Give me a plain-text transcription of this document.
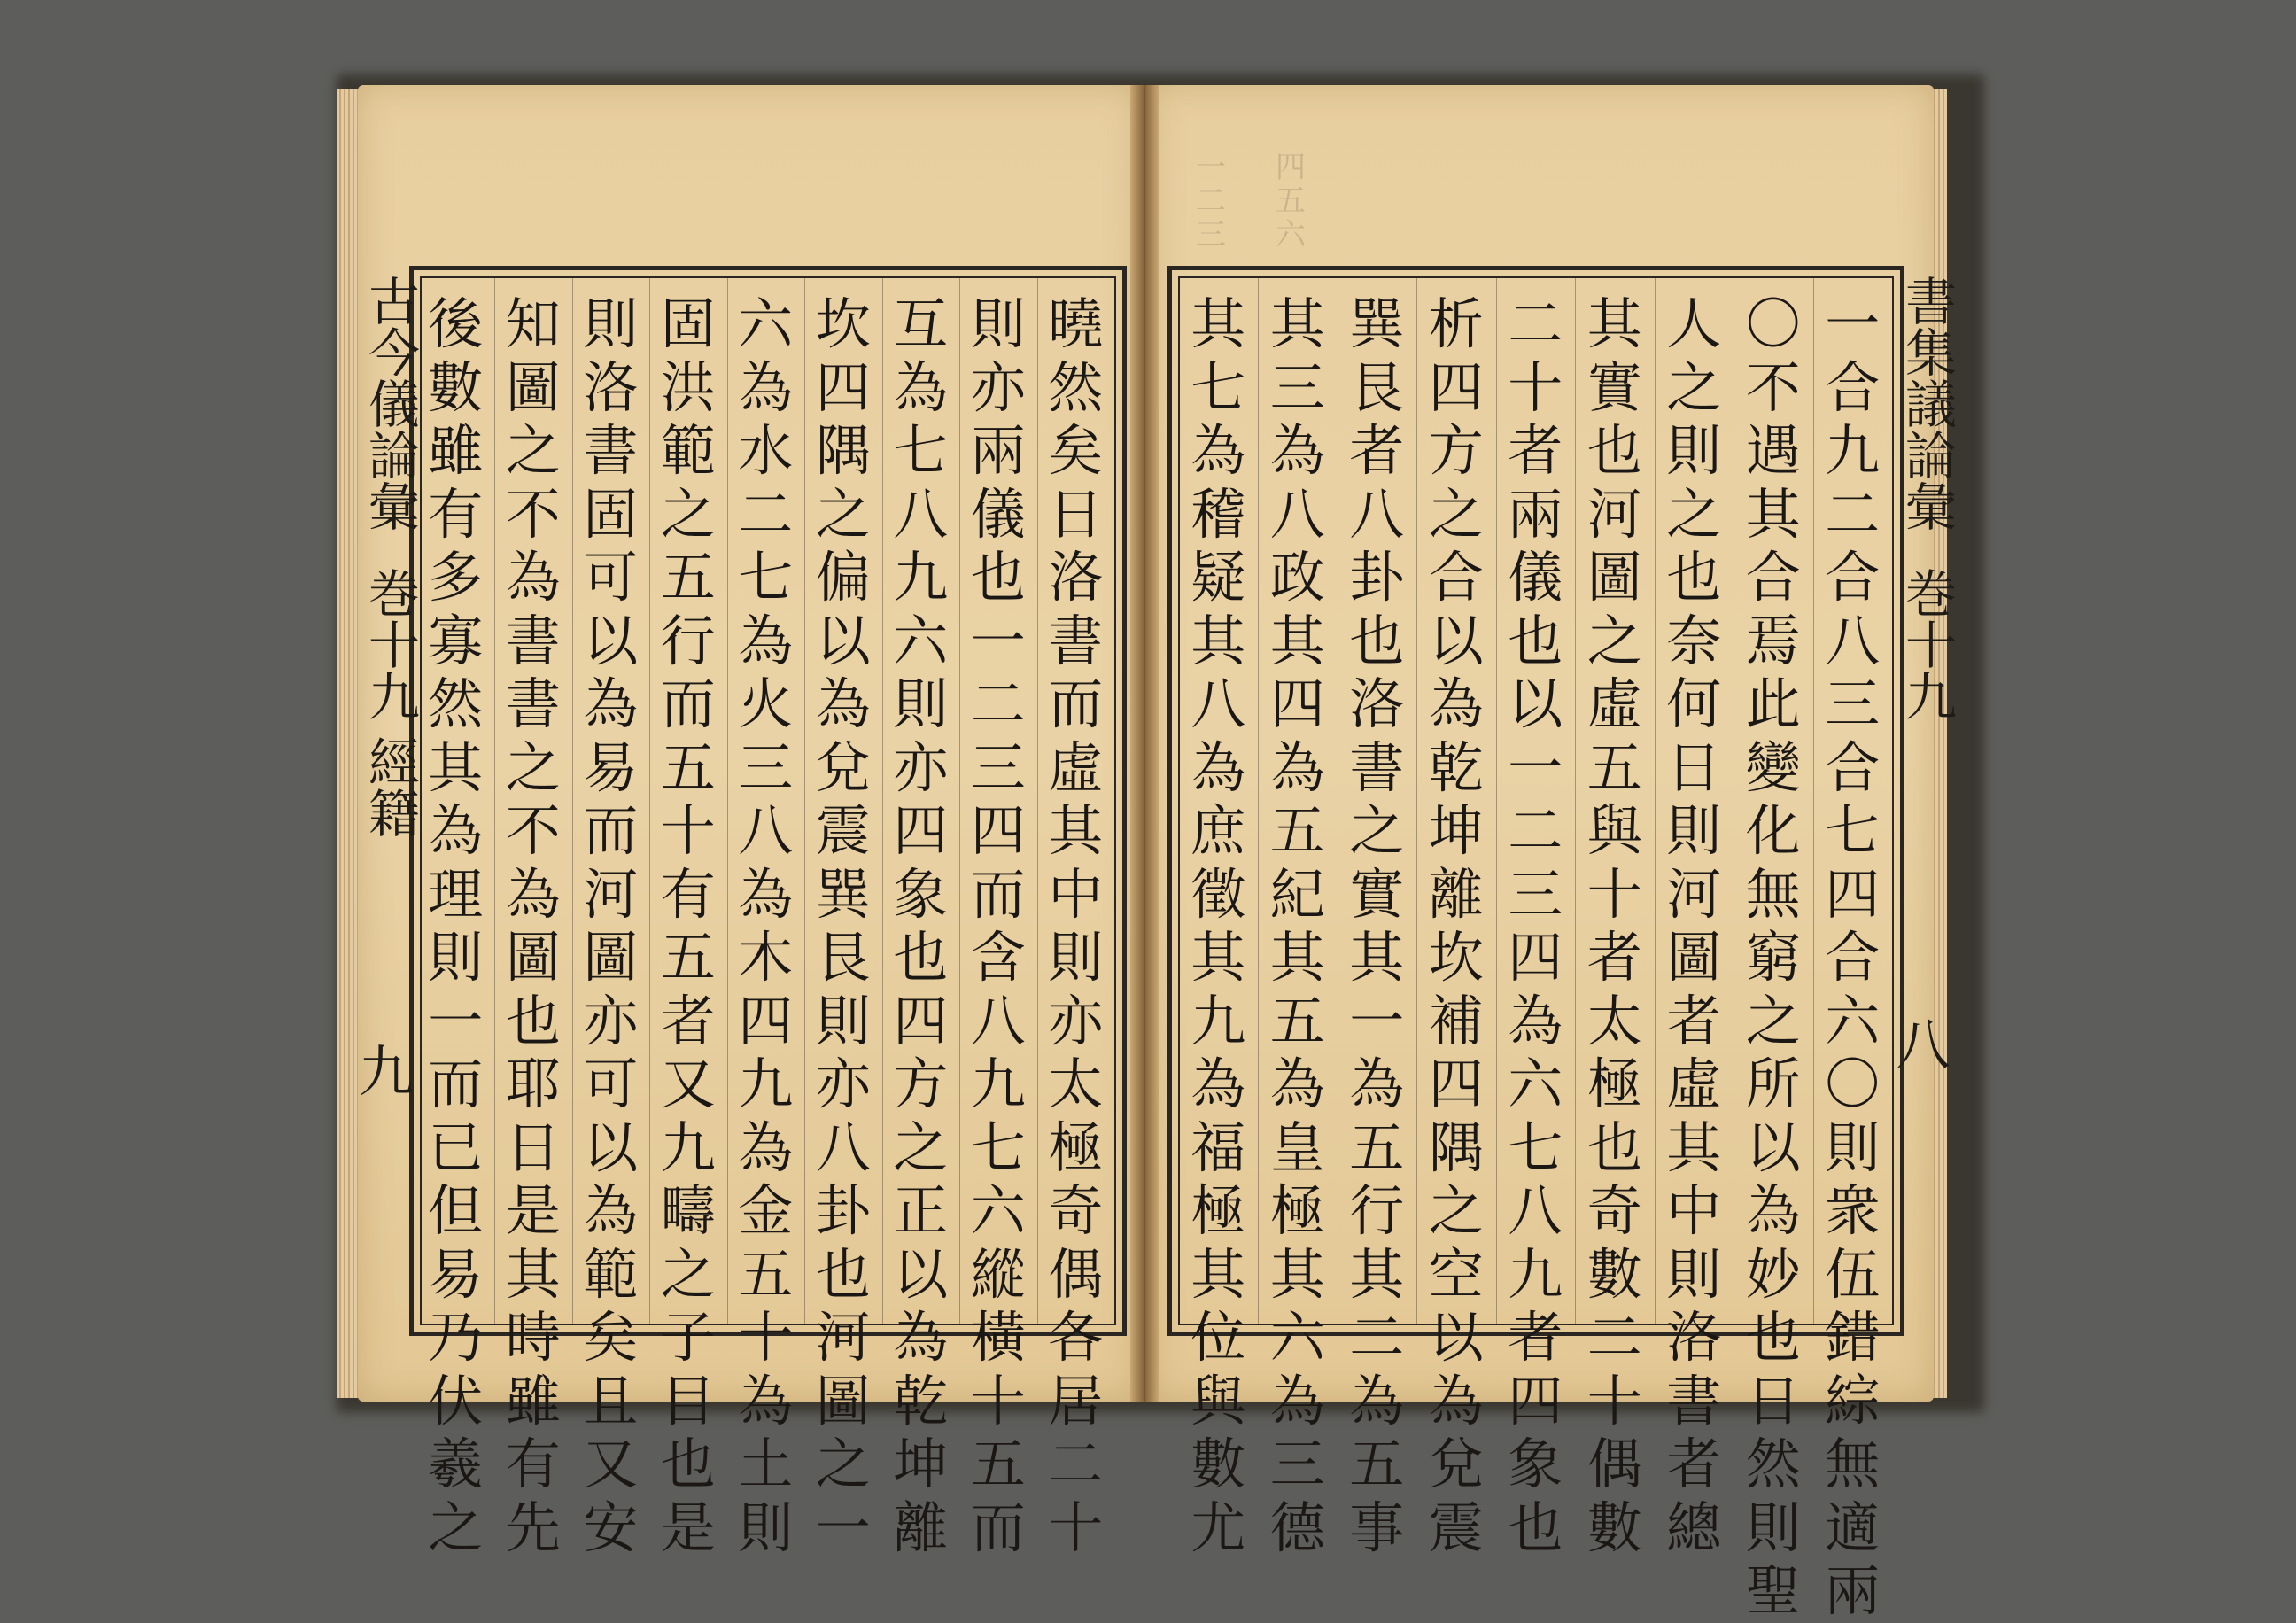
一
二
三
四
五
六
書集議論彙
巻十九
八
古今儀論彙
巻十九
經籍
九
一
合
九
二
合
八
三
合
七
四
合
六
〇
則
衆
伍
錯
綜
無
適
兩
〇
不
遇
其
合
焉
此
變
化
無
窮
之
所
以
為
妙
也
日
然
則
聖
人
之
則
之
也
奈
何
日
則
河
圖
者
虛
其
中
則
洛
書
者
總
其
實
也
河
圖
之
虛
五
與
十
者
太
極
也
奇
數
二
十
偶
數
二
十
者
兩
儀
也
以
一
二
三
四
為
六
七
八
九
者
四
象
也
析
四
方
之
合
以
為
乾
坤
離
坎
補
四
隅
之
空
以
為
兌
震
巽
艮
者
八
卦
也
洛
書
之
實
其
一
為
五
行
其
二
為
五
事
其
三
為
八
政
其
四
為
五
紀
其
五
為
皇
極
其
六
為
三
德
其
七
為
稽
疑
其
八
為
庶
徵
其
九
為
福
極
其
位
與
數
尤
曉
然
矣
日
洛
書
而
虛
其
中
則
亦
太
極
奇
偶
各
居
二
十
則
亦
兩
儀
也
一
二
三
四
而
含
八
九
七
六
縱
橫
十
五
而
互
為
七
八
九
六
則
亦
四
象
也
四
方
之
正
以
為
乾
坤
離
坎
四
隅
之
偏
以
為
兌
震
巽
艮
則
亦
八
卦
也
河
圖
之
一
六
為
水
二
七
為
火
三
八
為
木
四
九
為
金
五
十
為
土
則
固
洪
範
之
五
行
而
五
十
有
五
者
又
九
疇
之
子
目
也
是
則
洛
書
固
可
以
為
易
而
河
圖
亦
可
以
為
範
矣
且
又
安
知
圖
之
不
為
書
書
之
不
為
圖
也
耶
日
是
其
時
雖
有
先
後
數
雖
有
多
寡
然
其
為
理
則
一
而
已
但
易
乃
伏
羲
之
